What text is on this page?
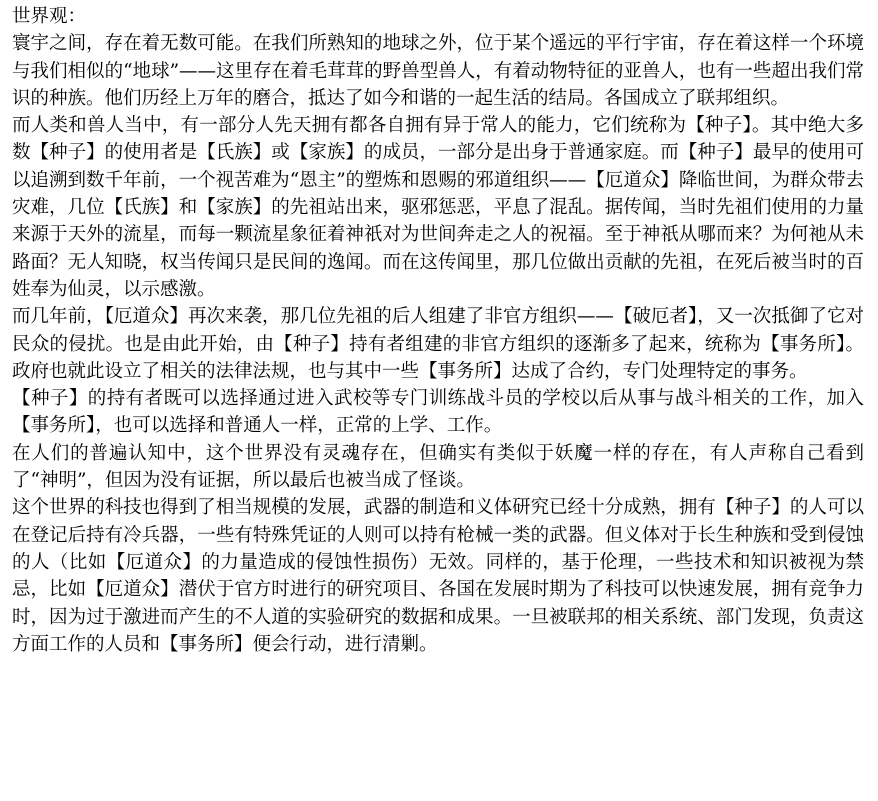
世界观：

寰宇之间，存在着无数可能。在我们所熟知的地球之外，位于某个遥远的平行宇宙，存在着这样一个环境与我们相似的“地球”——这里存在着毛茸茸的野兽型兽人，有着动物特征的亚兽人，也有一些超出我们常识的种族。他们历经上万年的磨合，抵达了如今和谐的一起生活的结局。各国成立了联邦组织。

而人类和兽人当中，有一部分人先天拥有都各自拥有异于常人的能力，它们统称为【种子】。其中绝大多数【种子】的使用者是【氏族】或【家族】的成员，一部分是出身于普通家庭。而【种子】最早的使用可以追溯到数千年前，一个视苦难为“恩主”的塑炼和恩赐的邪道组织——【厄道众】降临世间，为群众带去灾难，几位【氏族】和【家族】的先祖站出来，驱邪惩恶，平息了混乱。据传闻，当时先祖们使用的力量来源于天外的流星，而每一颗流星象征着神祇对为世间奔走之人的祝福。至于神祇从哪而来？为何祂从未路面？无人知晓，权当传闻只是民间的逸闻。而在这传闻里，那几位做出贡献的先祖，在死后被当时的百姓奉为仙灵，以示感激。

而几年前，【厄道众】再次来袭，那几位先祖的后人组建了非官方组织——【破厄者】，又一次抵御了它对民众的侵扰。也是由此开始，由【种子】持有者组建的非官方组织的逐渐多了起来，统称为【事务所】。政府也就此设立了相关的法律法规，也与其中一些【事务所】达成了合约，专门处理特定的事务。

【种子】的持有者既可以选择通过进入武校等专门训练战斗员的学校以后从事与战斗相关的工作，加入【事务所】，也可以选择和普通人一样，正常的上学、工作。

在人们的普遍认知中，这个世界没有灵魂存在，但确实有类似于妖魔一样的存在，有人声称自己看到了“神明”，但因为没有证据，所以最后也被当成了怪谈。

这个世界的科技也得到了相当规模的发展，武器的制造和义体研究已经十分成熟，拥有【种子】的人可以在登记后持有冷兵器，一些有特殊凭证的人则可以持有枪械一类的武器。但义体对于长生种族和受到侵蚀的人（比如【厄道众】的力量造成的侵蚀性损伤）无效。同样的，基于伦理，一些技术和知识被视为禁忌，比如【厄道众】潜伏于官方时进行的研究项目、各国在发展时期为了科技可以快速发展，拥有竞争力时，因为过于激进而产生的不人道的实验研究的数据和成果。一旦被联邦的相关系统、部门发现，负责这方面工作的人员和【事务所】便会行动，进行清剿。
